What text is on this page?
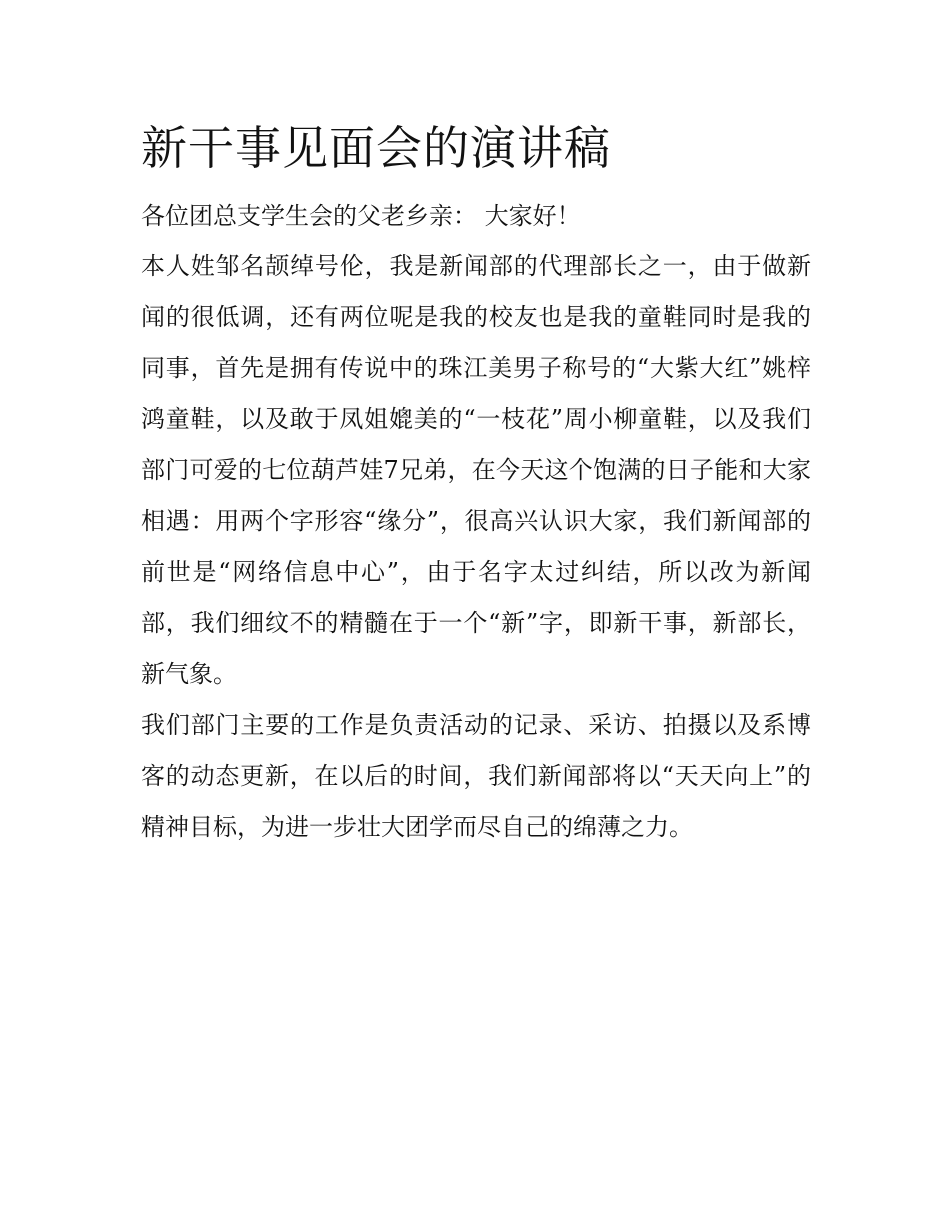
新干事见面会的演讲稿

各位团总支学生会的父老乡亲： 大家好！

本人姓邹名颉绰号伦，我是新闻部的代理部长之一，由于做新闻的很低调，还有两位呢是我的校友也是我的童鞋同时是我的同事，首先是拥有传说中的珠江美男子称号的“大紫大红”姚梓鸿童鞋，以及敢于凤姐媲美的“一枝花”周小柳童鞋，以及我们部门可爱的七位葫芦娃7兄弟，在今天这个饱满的日子能和大家相遇：用两个字形容“缘分”，很高兴认识大家，我们新闻部的前世是“网络信息中心”，由于名字太过纠结，所以改为新闻部，我们细纹不的精髓在于一个“新”字，即新干事，新部长，新气象。

我们部门主要的工作是负责活动的记录、采访、拍摄以及系博客的动态更新，在以后的时间，我们新闻部将以“天天向上”的精神目标，为进一步壮大团学而尽自己的绵薄之力。
